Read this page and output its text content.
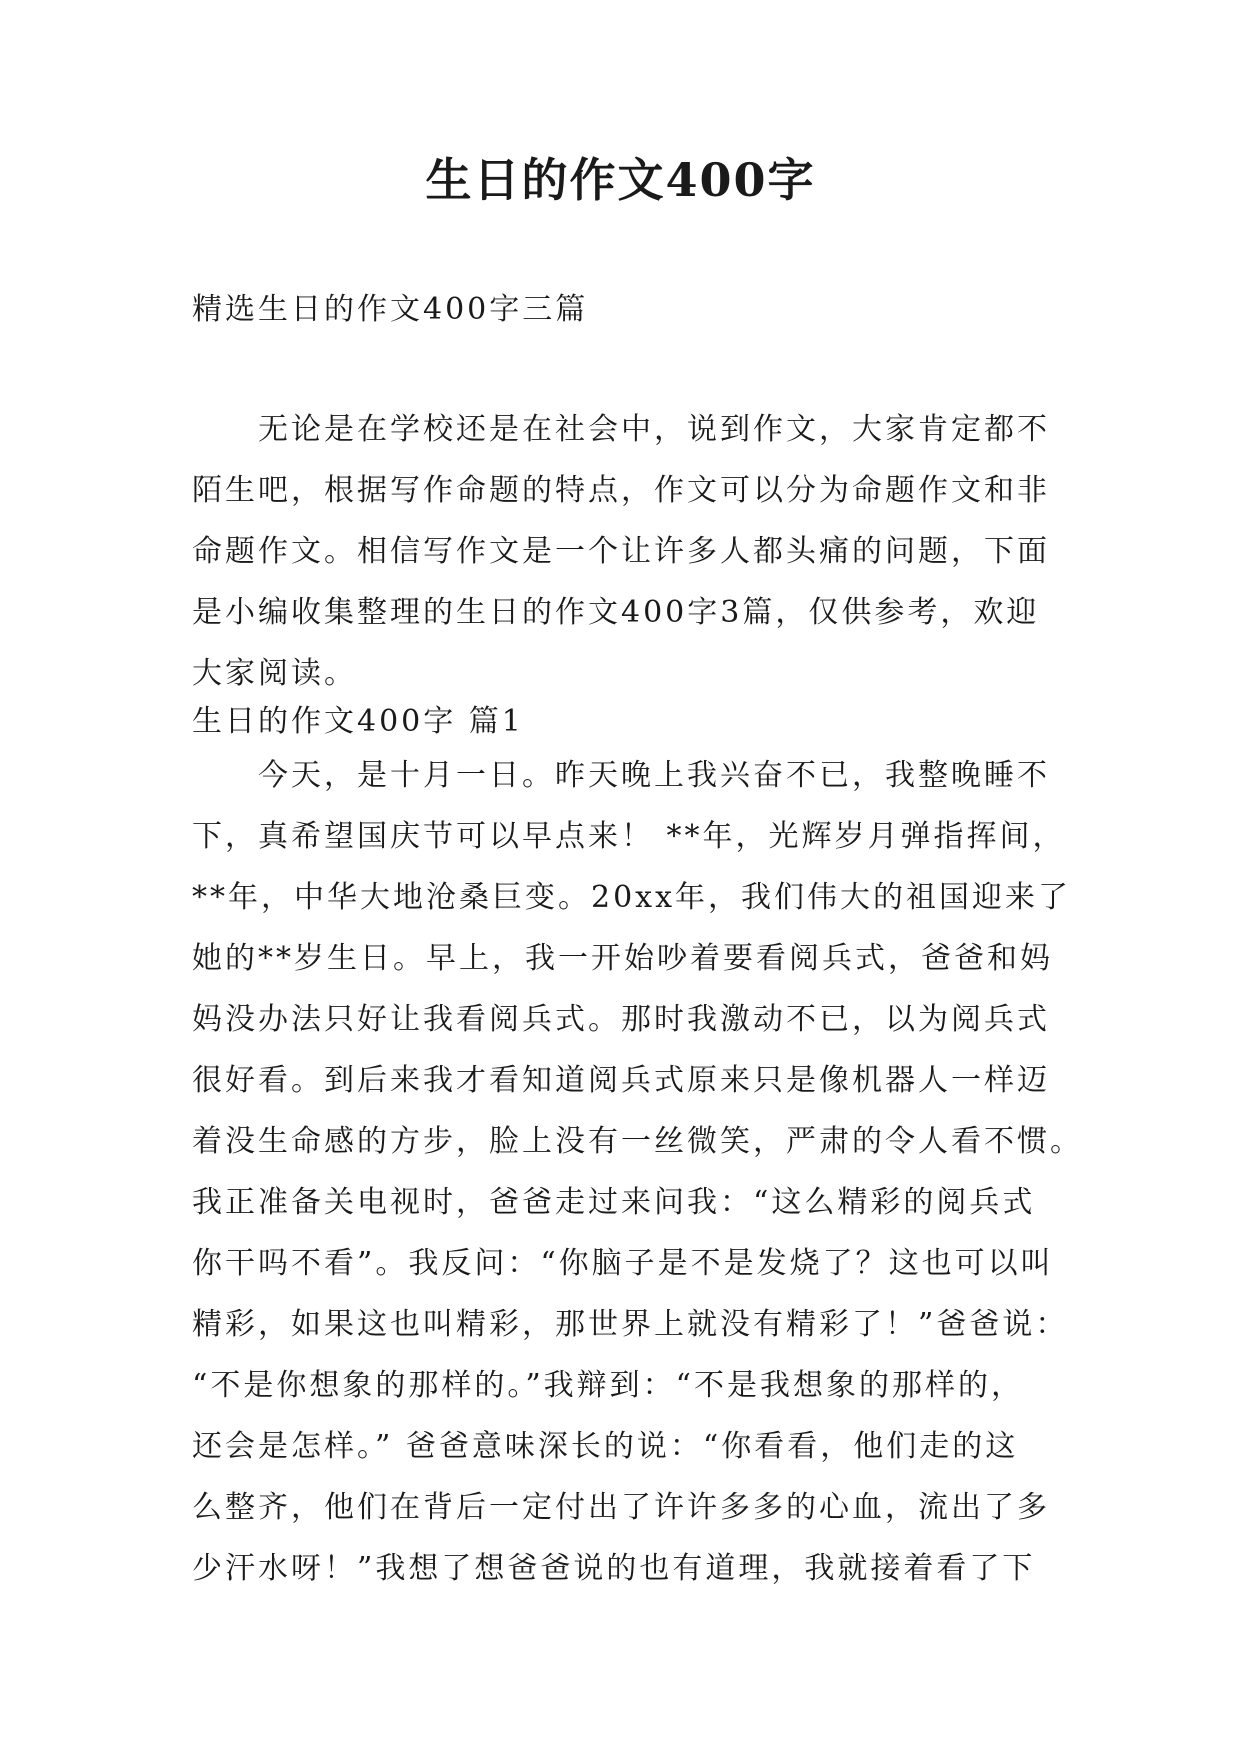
生日的作文400字

精选生日的作文400字三篇

　　无论是在学校还是在社会中，说到作文，大家肯定都不
陌生吧，根据写作命题的特点，作文可以分为命题作文和非
命题作文。相信写作文是一个让许多人都头痛的问题，下面
是小编收集整理的生日的作文400字3篇，仅供参考，欢迎
大家阅读。

生日的作文400字 篇1

　　今天，是十月一日。昨天晚上我兴奋不已，我整晚睡不
下，真希望国庆节可以早点来！ **年，光辉岁月弹指挥间，
**年，中华大地沧桑巨变。20xx年，我们伟大的祖国迎来了
她的**岁生日。早上，我一开始吵着要看阅兵式，爸爸和妈
妈没办法只好让我看阅兵式。那时我激动不已，以为阅兵式
很好看。到后来我才看知道阅兵式原来只是像机器人一样迈
着没生命感的方步，脸上没有一丝微笑，严肃的令人看不惯。
我正准备关电视时，爸爸走过来问我：“这么精彩的阅兵式
你干吗不看”。我反问：“你脑子是不是发烧了？这也可以叫
精彩，如果这也叫精彩，那世界上就没有精彩了！”爸爸说：
“不是你想象的那样的。”我辩到：“不是我想象的那样的，
还会是怎样。” 爸爸意味深长的说：“你看看，他们走的这
么整齐，他们在背后一定付出了许许多多的心血，流出了多
少汗水呀！”我想了想爸爸说的也有道理，我就接着看了下
